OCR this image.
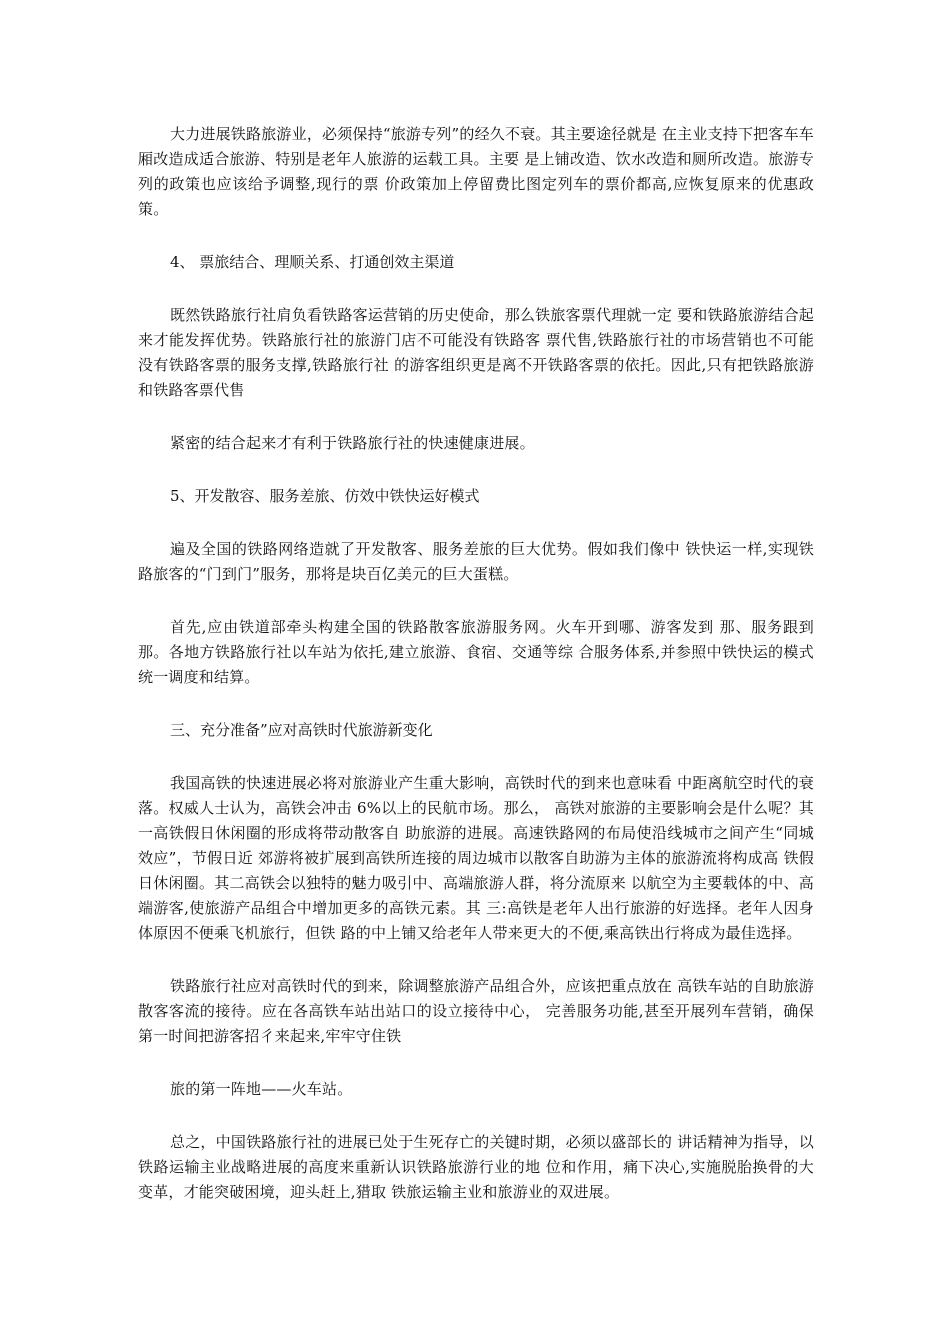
大力进展铁路旅游业，必须保持“旅游专列”的经久不衰。其主要途径就是 在主业支持下把客车车厢改造成适合旅游、特别是老年人旅游的运载工具。主要 是上铺改造、饮水改造和厕所改造。旅游专列的政策也应该给予调整,现行的票 价政策加上停留费比图定列车的票价都高,应恢复原来的优惠政策。

4、 票旅结合、理顺关系、打通创效主渠道

既然铁路旅行社肩负看铁路客运营销的历史使命，那么铁旅客票代理就一定 要和铁路旅游结合起来才能发挥优势。铁路旅行社的旅游门店不可能没有铁路客 票代售,铁路旅行社的市场营销也不可能没有铁路客票的服务支撑,铁路旅行社 的游客组织更是离不开铁路客票的依托。因此,只有把铁路旅游和铁路客票代售

紧密的结合起来才有利于铁路旅行社的快速健康进展。

5、开发散容、服务差旅、仿效中铁快运好模式

遍及全国的铁路网络造就了开发散客、服务差旅的巨大优势。假如我们像中 铁快运一样,实现铁路旅客的“门到门”服务，那将是块百亿美元的巨大蛋糕。

首先,应由铁道部牵头构建全国的铁路散客旅游服务网。火车开到哪、游客发到 那、服务跟到那。各地方铁路旅行社以车站为依托,建立旅游、食宿、交通等综 合服务体系,并参照中铁快运的模式统一调度和结算。

三、充分准备”应对高铁时代旅游新变化

我国高铁的快速进展必将对旅游业产生重大影响，高铁时代的到来也意味看 中距离航空时代的衰落。权威人士认为，高铁会冲击 6%以上的民航市场。那么， 高铁对旅游的主要影响会是什么呢？其一高铁假日休闲圈的形成将带动散客自 助旅游的进展。高速铁路网的布局使沿线城市之间产生“同城效应”，节假日近 郊游将被扩展到高铁所连接的周边城市以散客自助游为主体的旅游流将构成高 铁假日休闲圈。其二高铁会以独特的魅力吸引中、高端旅游人群，将分流原来 以航空为主要载体的中、高端游客,使旅游产品组合中增加更多的高铁元素。其 三:高铁是老年人出行旅游的好选择。老年人因身体原因不便乘飞机旅行，但铁 路的中上铺又给老年人带来更大的不便,乘高铁出行将成为最佳选择。

铁路旅行社应对高铁时代的到来，除调整旅游产品组合外，应该把重点放在 高铁车站的自助旅游散客客流的接待。应在各高铁车站出站口的设立接待中心， 完善服务功能,甚至开展列车营销，确保第一时间把游客招彳来起来,牢牢守住铁

旅的第一阵地——火车站。

总之，中国铁路旅行社的进展已处于生死存亡的关键时期，必须以盛部长的 讲话精神为指导，以铁路运输主业战略进展的高度来重新认识铁路旅游行业的地 位和作用，痛下决心,实施脱胎换骨的大变革，才能突破困境，迎头赶上,猎取 铁旅运输主业和旅游业的双进展。
